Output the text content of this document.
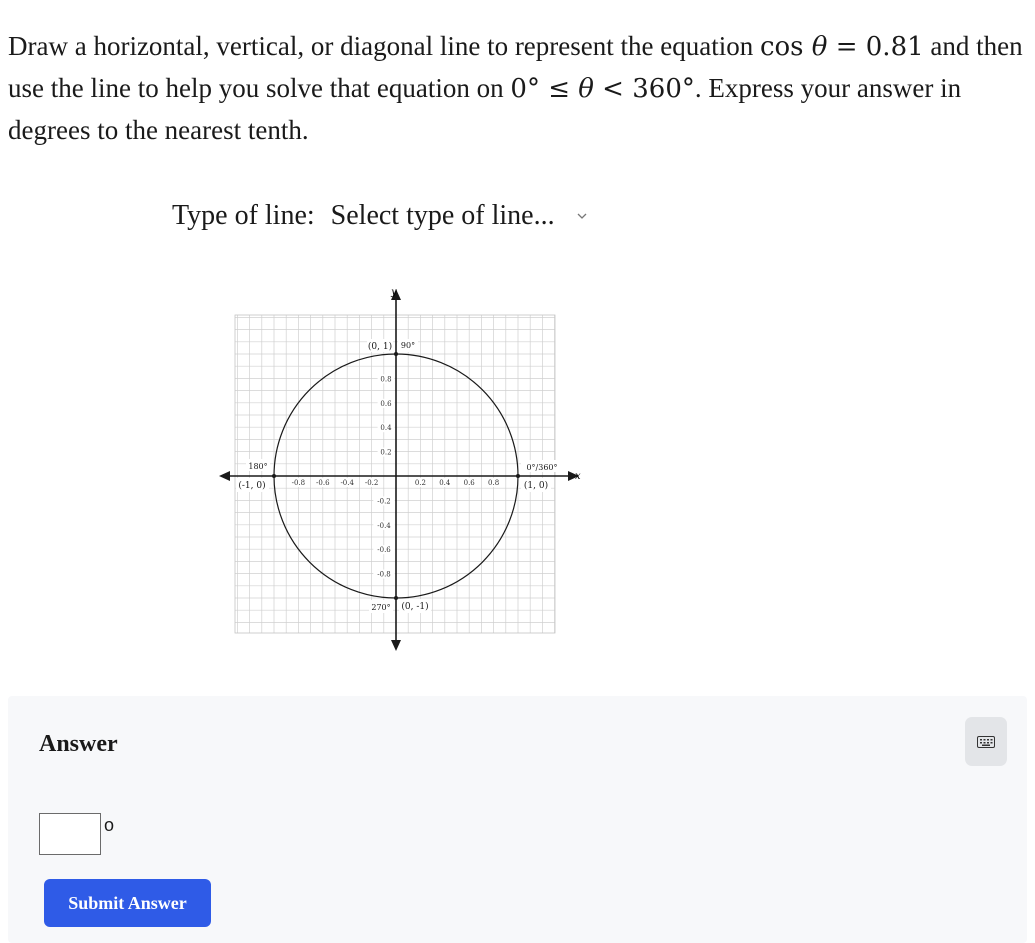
Draw a horizontal, vertical, or diagonal line to represent the equation cos θ = 0.81 and then use the line to help you solve that equation on 0° ≤ θ < 360°. Express your answer in degrees to the nearest tenth.
Type of line: Select type of line...
y
x
-0.8 -0.6 -0.4 -0.2	0.2 0.4 0.6 0.8
0.8
0.6
0.4
0.2
-0.2
-0.4
-0.6
-0.8
(0, 1) 90°
180°
(-1, 0)
0°/360°
(1, 0)
270° (0, -1)
Answer
o
Submit Answer
